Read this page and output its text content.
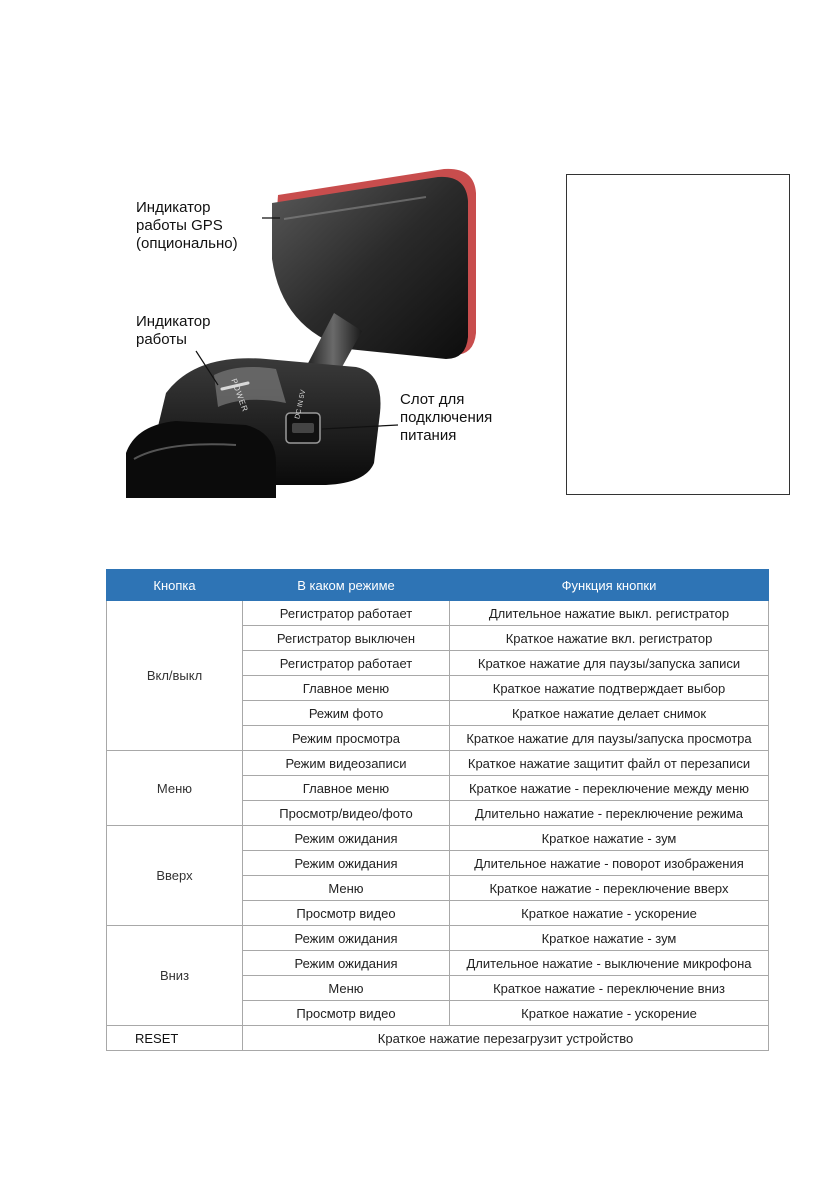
Индикатор
работы GPS
(опционально)
Индикатор
работы
Слот для
подключения
питания
POWER	DC IN 5V
Кнопка	В каком режиме	Функция кнопки
Вкл/выкл	Регистратор работает	Длительное нажатие выкл. регистратор
	Регистратор выключен	Краткое нажатие вкл. регистратор
	Регистратор работает	Краткое нажатие для паузы/запуска записи
	Главное меню	Краткое нажатие подтверждает выбор
	Режим фото	Краткое нажатие делает снимок
	Режим просмотра	Краткое нажатие для паузы/запуска просмотра
Меню	Режим видеозаписи	Краткое нажатие защитит файл от перезаписи
	Главное меню	Краткое нажатие - переключение между меню
	Просмотр/видео/фото	Длительно нажатие - переключение режима
Вверх	Режим ожидания	Краткое нажатие - зум
	Режим ожидания	Длительное нажатие - поворот изображения
	Меню	Краткое нажатие - переключение вверх
	Просмотр видео	Краткое нажатие - ускорение
Вниз	Режим ожидания	Краткое нажатие - зум
	Режим ожидания	Длительное нажатие - выключение микрофона
	Меню	Краткое нажатие - переключение вниз
	Просмотр видео	Краткое нажатие - ускорение
RESET	Краткое нажатие перезагрузит устройство	
